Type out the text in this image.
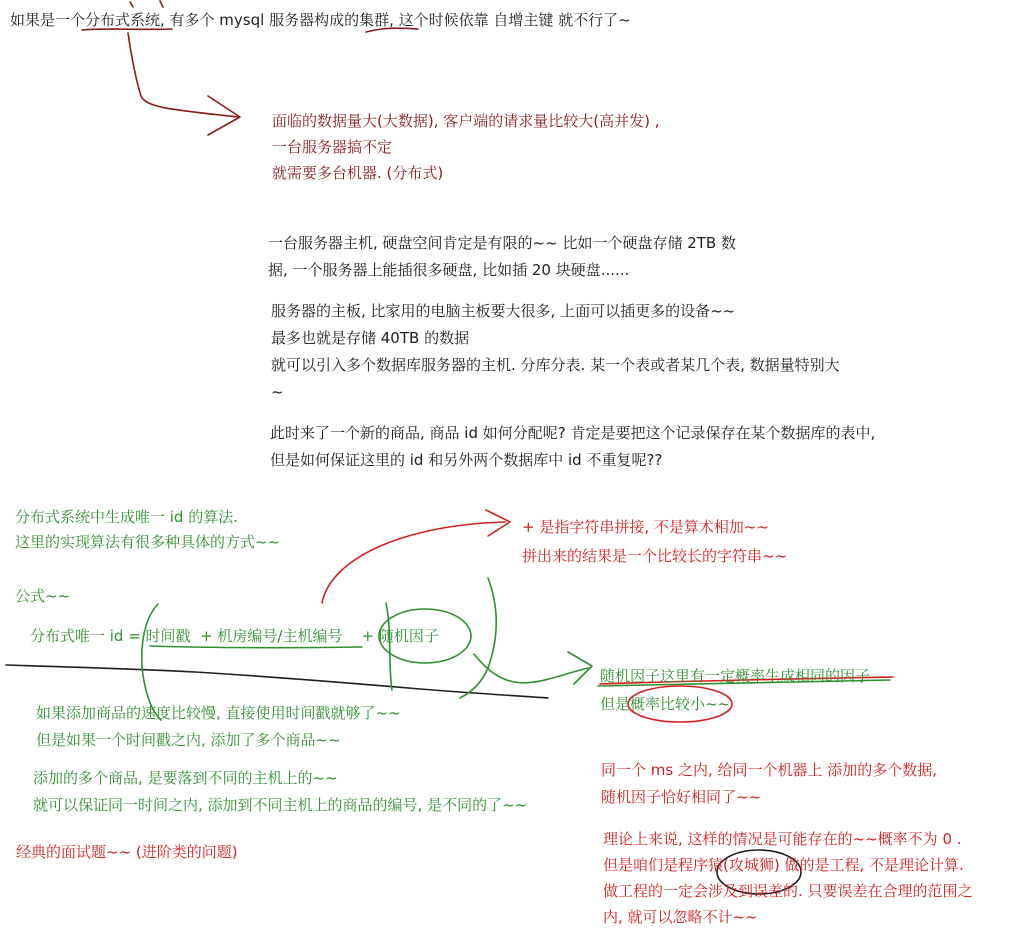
如果是一个分布式系统, 有多个 mysql 服务器构成的集群, 这个时候依靠 自增主键 就不行了~

面临的数据量大(大数据), 客户端的请求量比较大(高并发) ,
一台服务器搞不定
就需要多台机器. (分布式)
一台服务器主机, 硬盘空间肯定是有限的~~ 比如一个硬盘存储 2TB 数
据, 一个服务器上能插很多硬盘, 比如插 20 块硬盘......
服务器的主板, 比家用的电脑主板要大很多, 上面可以插更多的设备~~
最多也就是存储 40TB 的数据
就可以引入多个数据库服务器的主机. 分库分表. 某一个表或者某几个表, 数据量特别大
~
此时来了一个新的商品, 商品 id 如何分配呢? 肯定是要把这个记录保存在某个数据库的表中,
但是如何保证这里的 id 和另外两个数据库中 id 不重复呢??
分布式系统中生成唯一 id 的算法.
这里的实现算法有很多种具体的方式~~

公式~~

分布式唯一 id = 时间戳  + 机房编号/主机编号    + 随机因子

+ 是指字符串拼接, 不是算术相加~~
拼出来的结果是一个比较长的字符串~~
随机因子这里有一定概率生成相同的因子
但是概率比较小~~
如果添加商品的速度比较慢, 直接使用时间戳就够了~~
但是如果一个时间戳之内, 添加了多个商品~~
添加的多个商品, 是要落到不同的主机上的~~
就可以保证同一时间之内, 添加到不同主机上的商品的编号, 是不同的了~~
同一个 ms 之内, 给同一个机器上 添加的多个数据,
随机因子恰好相同了~~

经典的面试题~~ (进阶类的问题)

理论上来说, 这样的情况是可能存在的~~概率不为 0 .
但是咱们是程序猿(攻城狮) 做的是工程, 不是理论计算.
做工程的一定会涉及到误差的. 只要误差在合理的范围之
内, 就可以忽略不计~~
